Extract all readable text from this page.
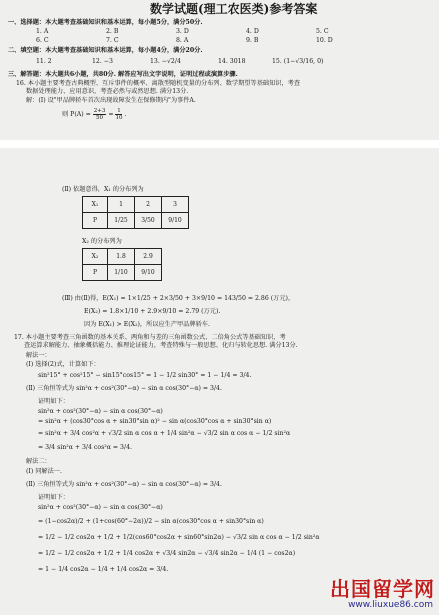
数学试题(理工农医类)参考答案
一、选择题：本大题考查基础知识和基本运算，每小题5分，满分50分.
1. A	2. B	3. D	4. D	5. C
6. C	7. C	8. A	9. B	10. D
二、填空题：本大题考查基础知识和基本运算，每小题4分，满分20分.
11. 2	12. −3	13. −√2/4	14. 3018	15. (1−√3/16, 0)
三、解答题：本大题共6小题，共80分. 解答应写出文字说明，证明过程或演算步骤.
16. 本小题主要考查古典概型、互斥事件的概率、离散型随机变量的分布列、数学期望等基础知识，考查
数据处理能力、应用意识，考查必然与或然思想. 满分13分.
解：(Ⅰ) 设"甲品牌轿车首次出现故障发生在保修期内"为事件A.
则 $P(A) = \frac{2+3}{50} = \frac{1}{10}$ .
(Ⅱ) 依题意得，X₁ 的分布列为
X₁	1	2	3
P	1/25	3/50	9/10
X₂ 的分布列为
X₂	1.8	2.9
P	1/10	9/10
(Ⅲ) 由(Ⅱ)得，E(X₁) = 1×1/25 + 2×3/50 + 3×9/10 = 143/50 = 2.86 (万元)，
E(X₂) = 1.8×1/10 + 2.9×9/10 = 2.79 (万元).
因为 E(X₁) > E(X₂)，所以应生产甲品牌轿车.
17. 本小题主要考查三角函数的基本关系、两角和与差的三角函数公式、二倍角公式等基础知识，考
查运算求解能力、抽象概括能力、推理论证能力，考查特殊与一般思想、化归与转化思想. 满分13分.
解法一：
(Ⅰ) 选择(2)式，计算如下：
sin²15° + cos²15° − sin15°cos15° = 1 − 1/2 sin30° = 1 − 1/4 = 3/4.
(Ⅱ) 三角恒等式为 sin²α + cos²(30°−α) − sin α cos(30°−α) = 3/4.
证明如下：
sin²α + cos²(30°−α) − sin α cos(30°−α)
= sin²α + (cos30°cos α + sin30°sin α)² − sin α(cos30°cos α + sin30°sin α)
= sin²α + 3/4 cos²α + √3/2 sin α cos α + 1/4 sin²α − √3/2 sin α cos α − 1/2 sin²α
= 3/4 sin²α + 3/4 cos²α = 3/4.
解法二：
(Ⅰ) 同解法一.
(Ⅱ) 三角恒等式为 sin²α + cos²(30°−α) − sin α cos(30°−α) = 3/4.
证明如下：
sin²α + cos²(30°−α) − sin α cos(30°−α)
= (1−cos2α)/2 + (1+cos(60°−2α))/2 − sin α(cos30°cos α + sin30°sin α)
= 1/2 − 1/2 cos2α + 1/2 + 1/2(cos60°cos2α + sin60°sin2α) − √3/2 sin α cos α − 1/2 sin²α
= 1/2 − 1/2 cos2α + 1/2 + 1/4 cos2α + √3/4 sin2α − √3/4 sin2α − 1/4 (1 − cos2α)
= 1 − 1/4 cos2α − 1/4 + 1/4 cos2α = 3/4.
出国留学网
www.liuxue86.com
